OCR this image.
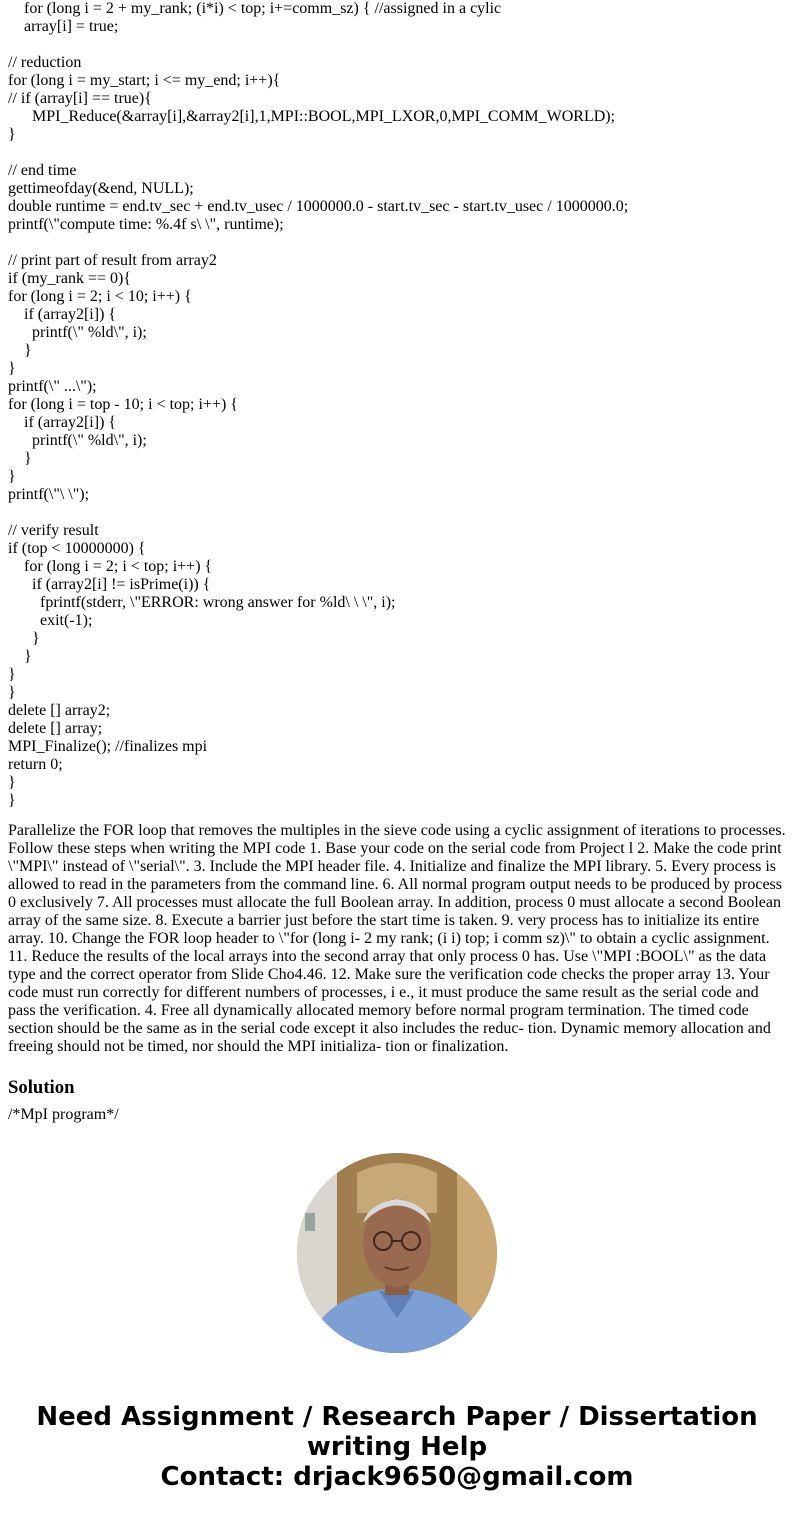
for (long i = 2 + my_rank; (i*i) < top; i+=comm_sz) { //assigned in a cylic
array[i] = true;
// reduction
for (long i = my_start; i <= my_end; i++){
// if (array[i] == true){
MPI_Reduce(&array[i],&array2[i],1,MPI::BOOL,MPI_LXOR,0,MPI_COMM_WORLD);
}
// end time
gettimeofday(&end, NULL);
double runtime = end.tv_sec + end.tv_usec / 1000000.0 - start.tv_sec - start.tv_usec / 1000000.0;
printf(\"compute time: %.4f s\ \", runtime);
// print part of result from array2
if (my_rank == 0){
for (long i = 2; i < 10; i++) {
if (array2[i]) {
printf(\" %ld\", i);
}
}
printf(\" ...\");
for (long i = top - 10; i < top; i++) {
if (array2[i]) {
printf(\" %ld\", i);
}
}
printf(\"\ \");
// verify result
if (top < 10000000) {
for (long i = 2; i < top; i++) {
if (array2[i] != isPrime(i)) {
fprintf(stderr, \"ERROR: wrong answer for %ld\ \ \", i);
exit(-1);
}
}
}
}
delete [] array2;
delete [] array;
MPI_Finalize(); //finalizes mpi
return 0;
}
}
Parallelize the FOR loop that removes the multiples in the sieve code using a cyclic assignment of iterations to processes. Follow these steps when writing the MPI code 1. Base your code on the serial code from Project l 2. Make the code print \"MPI\" instead of \"serial\". 3. Include the MPI header file. 4. Initialize and finalize the MPI library. 5. Every process is allowed to read in the parameters from the command line. 6. All normal program output needs to be produced by process 0 exclusively 7. All processes must allocate the full Boolean array. In addition, process 0 must allocate a second Boolean array of the same size. 8. Execute a barrier just before the start time is taken. 9. very process has to initialize its entire array. 10. Change the FOR loop header to \"for (long i- 2 my rank; (i i) top; i comm sz)\" to obtain a cyclic assignment. 11. Reduce the results of the local arrays into the second array that only process 0 has. Use \"MPI :BOOL\" as the data type and the correct operator from Slide Cho4.46. 12. Make sure the verification code checks the proper array 13. Your code must run correctly for different numbers of processes, i e., it must produce the same result as the serial code and pass the verification. 4. Free all dynamically allocated memory before normal program termination. The timed code section should be the same as in the serial code except it also includes the reduc- tion. Dynamic memory allocation and freeing should not be timed, nor should the MPI initializa- tion or finalization.
Solution
/*MpI program*/
Need Assignment / Research Paper / Dissertation
writing Help
Contact: drjack9650@gmail.com
